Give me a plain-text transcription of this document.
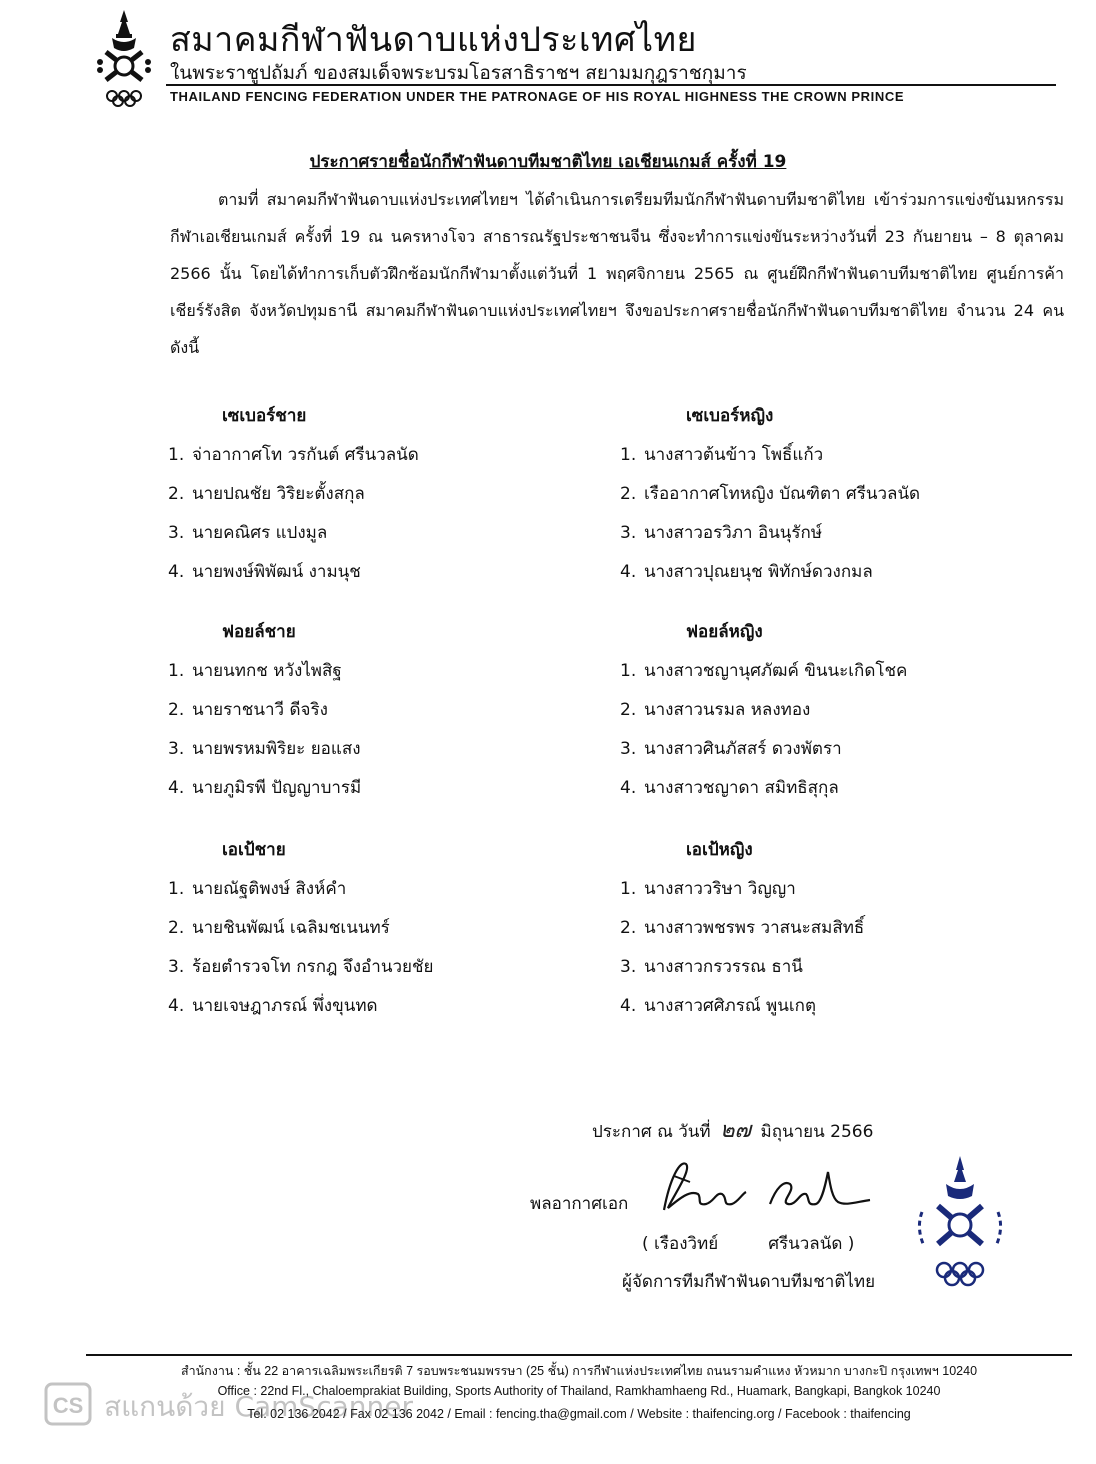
สมาคมกีฬาฟันดาบแห่งประเทศไทย
ในพระราชูปถัมภ์ ของสมเด็จพระบรมโอรสาธิราชฯ สยามมกุฎราชกุมาร
THAILAND FENCING FEDERATION UNDER THE PATRONAGE OF HIS ROYAL HIGHNESS THE CROWN PRINCE
ประกาศรายชื่อนักกีฬาฟันดาบทีมชาติไทย เอเชียนเกมส์ ครั้งที่ 19
ตามที่ สมาคมกีฬาฟันดาบแห่งประเทศไทยฯ ได้ดำเนินการเตรียมทีมนักกีฬาฟันดาบทีมชาติไทย เข้าร่วมการแข่งขันมหกรรมกีฬาเอเชียนเกมส์ ครั้งที่ 19 ณ นครหางโจว สาธารณรัฐประชาชนจีน ซึ่งจะทำการแข่งขันระหว่างวันที่ 23 กันยายน – 8 ตุลาคม 2566 นั้น โดยได้ทำการเก็บตัวฝึกซ้อมนักกีฬามาตั้งแต่วันที่ 1 พฤศจิกายน 2565 ณ ศูนย์ฝึกกีฬาฟันดาบทีมชาติไทย ศูนย์การค้าเชียร์รังสิต จังหวัดปทุมธานี สมาคมกีฬาฟันดาบแห่งประเทศไทยฯ จึงขอประกาศรายชื่อนักกีฬาฟันดาบทีมชาติไทย จำนวน 24 คน ดังนี้
เซเบอร์ชาย
1. จ่าอากาศโท วรกันต์ ศรีนวลนัด
2. นายปณชัย วิริยะตั้งสกุล
3. นายคณิศร แปงมูล
4. นายพงษ์พิพัฒน์ งามนุช
เซเบอร์หญิง
1. นางสาวต้นข้าว โพธิ์แก้ว
2. เรืออากาศโทหญิง บัณฑิตา ศรีนวลนัด
3. นางสาวอรวิภา อินนุรักษ์
4. นางสาวปุณยนุช พิทักษ์ดวงกมล
ฟอยล์ชาย
1. นายนทกช หวังไพสิฐ
2. นายราชนาวี ดีจริง
3. นายพรหมพิริยะ ยอแสง
4. นายภูมิรพี ปัญญาบารมี
ฟอยล์หญิง
1. นางสาวชญานุศภัฒค์ ขินนะเกิดโชค
2. นางสาวนรมล หลงทอง
3. นางสาวศินภัสสร์ ดวงพัตรา
4. นางสาวชญาดา สมิทธิสุกุล
เอเป้ชาย
1. นายณัฐติพงษ์ สิงห์คำ
2. นายชินพัฒน์ เฉลิมชเนนทร์
3. ร้อยตำรวจโท กรกฎ จึงอำนวยชัย
4. นายเจษฎาภรณ์ พึ่งขุนทด
เอเป้หญิง
1. นางสาววริษา วิญญา
2. นางสาวพชรพร วาสนะสมสิทธิ์
3. นางสาวกรวรรณ ธานี
4. นางสาวศศิภรณ์ พูนเกตุ
ประกาศ ณ วันที่ ๒๗ มิถุนายน 2566
พลอากาศเอก
( เรืองวิทย์	ศรีนวลนัด )
ผู้จัดการทีมกีฬาฟันดาบทีมชาติไทย
สำนักงาน : ชั้น 22 อาคารเฉลิมพระเกียรติ 7 รอบพระชนมพรรษา (25 ชั้น) การกีฬาแห่งประเทศไทย ถนนรามคำแหง หัวหมาก บางกะปิ กรุงเทพฯ 10240
Office : 22nd Fl., Chaloemprakiat Building, Sports Authority of Thailand, Ramkhamhaeng Rd., Huamark, Bangkapi, Bangkok 10240
Tel. 02 136 2042 / Fax 02 136 2042 / Email : fencing.tha@gmail.com / Website : thaifencing.org / Facebook : thaifencing
CS สแกนด้วย CamScanner
